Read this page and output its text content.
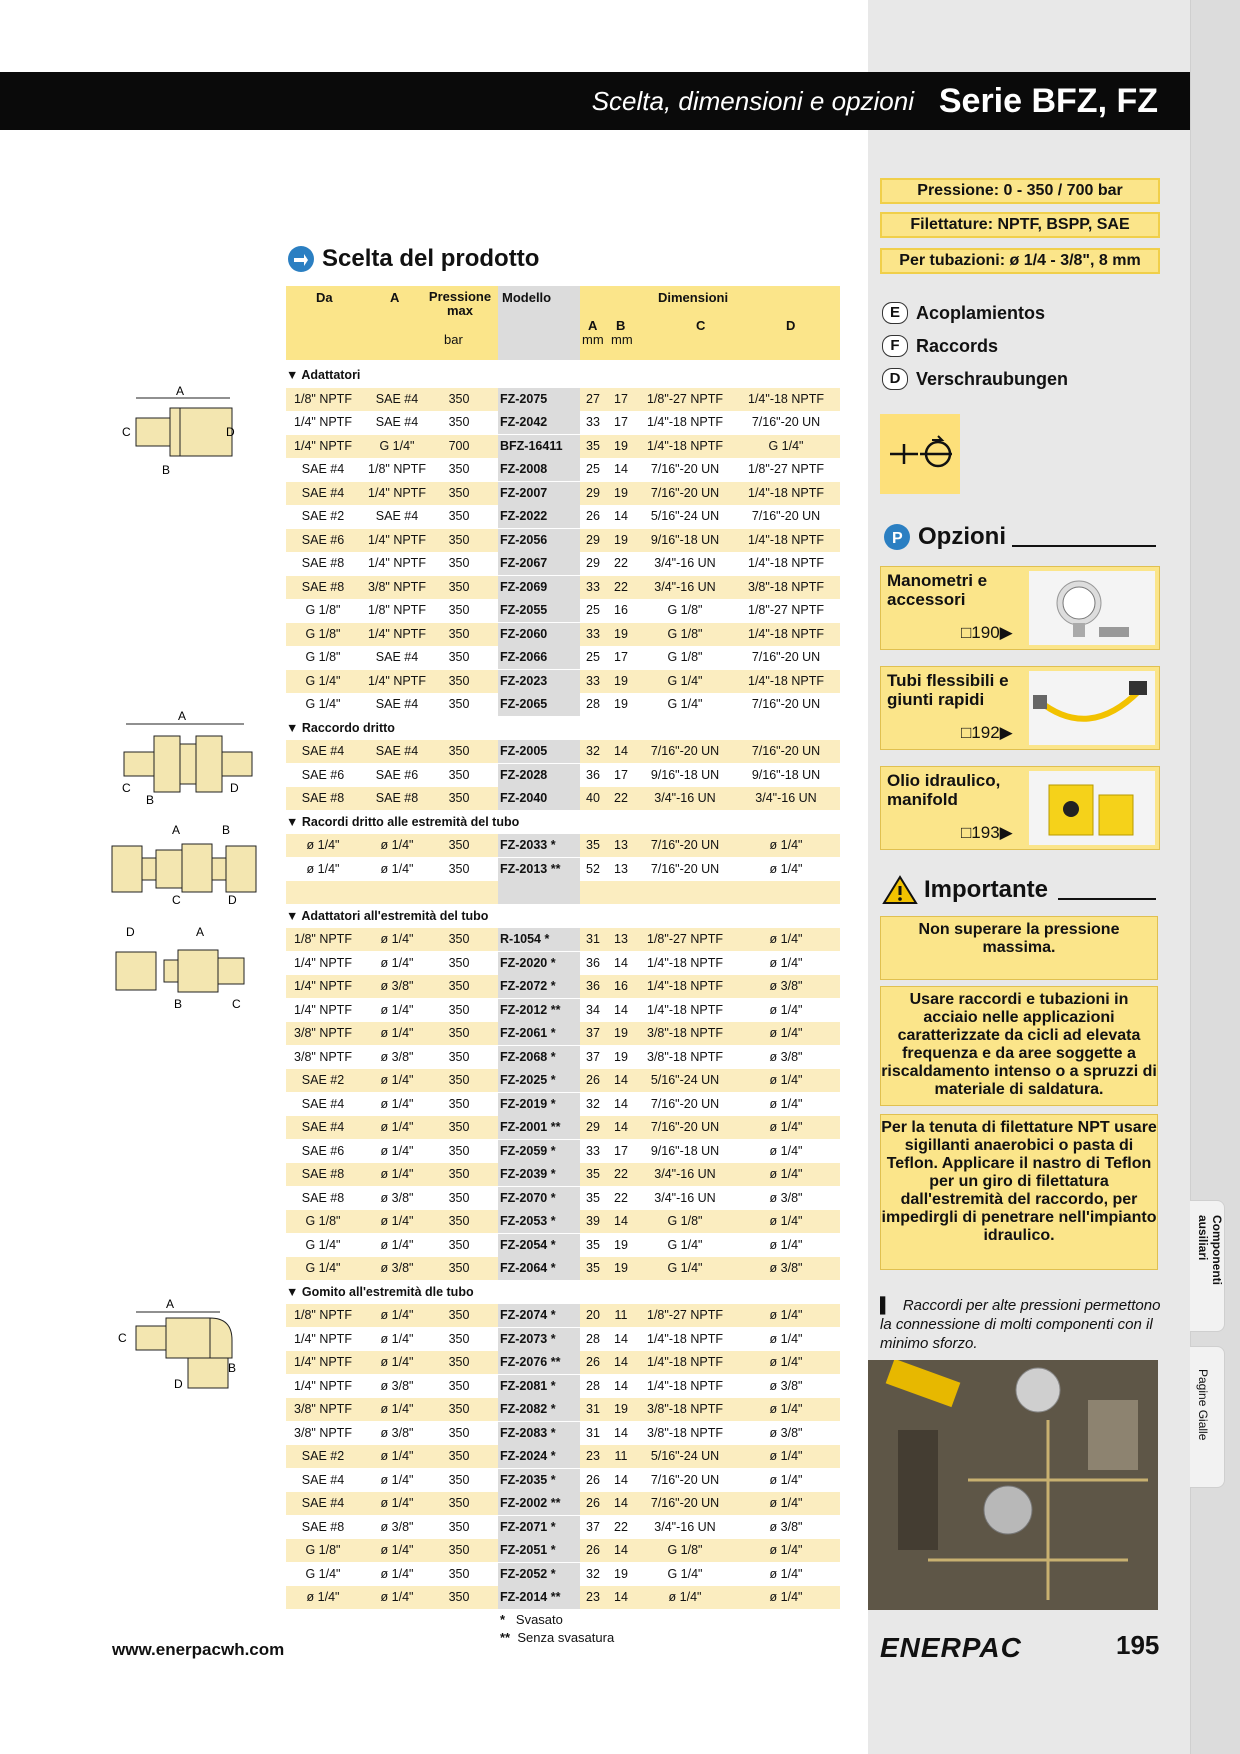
Scelta, dimensioni e opzioni Serie BFZ, FZ
Pressione: 0 - 350 / 700 bar
Filettature: NPTF, BSPP, SAE
Per tubazioni: ø 1/4 - 3/8", 8 mm
E Acoplamientos
F Raccords
D Verschraubungen
Scelta del prodotto
Da	A	Pressione max
bar
Modello	Dimensioni
A B	C	D
mm mm
▼ Adattatori
1/8" NPTF	SAE #4	350	FZ-2075	27	17	1/8"-27 NPTF	1/4"-18 NPTF
1/4" NPTF	SAE #4	350	FZ-2042	33	17	1/4"-18 NPTF	7/16"-20 UN
1/4" NPTF	G 1/4"	700	BFZ-16411	35	19	1/4"-18 NPTF	G 1/4"
SAE #4	1/8" NPTF	350	FZ-2008	25	14	7/16"-20 UN	1/8"-27 NPTF
SAE #4	1/4" NPTF	350	FZ-2007	29	19	7/16"-20 UN	1/4"-18 NPTF
SAE #2	SAE #4	350	FZ-2022	26	14	5/16"-24 UN	7/16"-20 UN
SAE #6	1/4" NPTF	350	FZ-2056	29	19	9/16"-18 UN	1/4"-18 NPTF
SAE #8	1/4" NPTF	350	FZ-2067	29	22	3/4"-16 UN	1/4"-18 NPTF
SAE #8	3/8" NPTF	350	FZ-2069	33	22	3/4"-16 UN	3/8"-18 NPTF
G 1/8"	1/8" NPTF	350	FZ-2055	25	16	G 1/8"	1/8"-27 NPTF
G 1/8"	1/4" NPTF	350	FZ-2060	33	19	G 1/8"	1/4"-18 NPTF
G 1/8"	SAE #4	350	FZ-2066	25	17	G 1/8"	7/16"-20 UN
G 1/4"	1/4" NPTF	350	FZ-2023	33	19	G 1/4"	1/4"-18 NPTF
G 1/4"	SAE #4	350	FZ-2065	28	19	G 1/4"	7/16"-20 UN
▼ Raccordo dritto
SAE #4	SAE #4	350	FZ-2005	32	14	7/16"-20 UN	7/16"-20 UN
SAE #6	SAE #6	350	FZ-2028	36	17	9/16"-18 UN	9/16"-18 UN
SAE #8	SAE #8	350	FZ-2040	40	22	3/4"-16 UN	3/4"-16 UN
▼ Racordi dritto alle estremità del tubo
ø 1/4"	ø 1/4"	350	FZ-2033 *	35	13	7/16"-20 UN	ø 1/4"
ø 1/4"	ø 1/4"	350	FZ-2013 **	52	13	7/16"-20 UN	ø 1/4"
▼ Adattatori all'estremità del tubo
1/8" NPTF	ø 1/4"	350	R-1054 *	31	13	1/8"-27 NPTF	ø 1/4"
1/4" NPTF	ø 1/4"	350	FZ-2020 *	36	14	1/4"-18 NPTF	ø 1/4"
1/4" NPTF	ø 3/8"	350	FZ-2072 *	36	16	1/4"-18 NPTF	ø 3/8"
1/4" NPTF	ø 1/4"	350	FZ-2012 **	34	14	1/4"-18 NPTF	ø 1/4"
3/8" NPTF	ø 1/4"	350	FZ-2061 *	37	19	3/8"-18 NPTF	ø 1/4"
3/8" NPTF	ø 3/8"	350	FZ-2068 *	37	19	3/8"-18 NPTF	ø 3/8"
SAE #2	ø 1/4"	350	FZ-2025 *	26	14	5/16"-24 UN	ø 1/4"
SAE #4	ø 1/4"	350	FZ-2019 *	32	14	7/16"-20 UN	ø 1/4"
SAE #4	ø 1/4"	350	FZ-2001 **	29	14	7/16"-20 UN	ø 1/4"
SAE #6	ø 1/4"	350	FZ-2059 *	33	17	9/16"-18 UN	ø 1/4"
SAE #8	ø 1/4"	350	FZ-2039 *	35	22	3/4"-16 UN	ø 1/4"
SAE #8	ø 3/8"	350	FZ-2070 *	35	22	3/4"-16 UN	ø 3/8"
G 1/8"	ø 1/4"	350	FZ-2053 *	39	14	G 1/8"	ø 1/4"
G 1/4"	ø 1/4"	350	FZ-2054 *	35	19	G 1/4"	ø 1/4"
G 1/4"	ø 3/8"	350	FZ-2064 *	35	19	G 1/4"	ø 3/8"
▼ Gomito all'estremità dle tubo
1/8" NPTF	ø 1/4"	350	FZ-2074 *	20	11	1/8"-27 NPTF	ø 1/4"
1/4" NPTF	ø 1/4"	350	FZ-2073 *	28	14	1/4"-18 NPTF	ø 1/4"
1/4" NPTF	ø 1/4"	350	FZ-2076 **	26	14	1/4"-18 NPTF	ø 1/4"
1/4" NPTF	ø 3/8"	350	FZ-2081 *	28	14	1/4"-18 NPTF	ø 3/8"
3/8" NPTF	ø 1/4"	350	FZ-2082 *	31	19	3/8"-18 NPTF	ø 1/4"
3/8" NPTF	ø 3/8"	350	FZ-2083 *	31	14	3/8"-18 NPTF	ø 3/8"
SAE #2	ø 1/4"	350	FZ-2024 *	23	11	5/16"-24 UN	ø 1/4"
SAE #4	ø 1/4"	350	FZ-2035 *	26	14	7/16"-20 UN	ø 1/4"
SAE #4	ø 1/4"	350	FZ-2002 **	26	14	7/16"-20 UN	ø 1/4"
SAE #8	ø 3/8"	350	FZ-2071 *	37	22	3/4"-16 UN	ø 3/8"
G 1/8"	ø 1/4"	350	FZ-2051 *	26	14	G 1/8"	ø 1/4"
G 1/4"	ø 1/4"	350	FZ-2052 *	32	19	G 1/4"	ø 1/4"
ø 1/4"	ø 1/4"	350	FZ-2014 **	23	14	ø 1/4"	ø 1/4"
* Svasato
** Senza svasatura
A
C	D
B
A
C
B
D
A	B
C	D
D	A
B	C
A
C
B
D
P Opzioni
Manometri e accessori
□ 190 ▶
Tubi flessibili e giunti rapidi
□ 192 ▶
Olio idraulico, manifold
□ 193 ▶
Importante
Non superare la pressione massima.
Usare raccordi e tubazioni in acciaio nelle applicazioni caratterizzate da cicli ad elevata frequenza e da aree soggette a riscaldamento intenso o a spruzzi di materiale di saldatura.
Per la tenuta di filettature NPT usare sigillanti anaerobici o pasta di Teflon. Applicare il nastro di Teflon per un giro di filettatura dall'estremità del raccordo, per impedirgli di penetrare nell'impianto idraulico.
▌ Raccordi per alte pressioni permettono la connessione di molti componenti con il minimo sforzo.
Componenti ausiliari
Pagine Gialle
www.enerpacwh.com	ENERPAC	195
